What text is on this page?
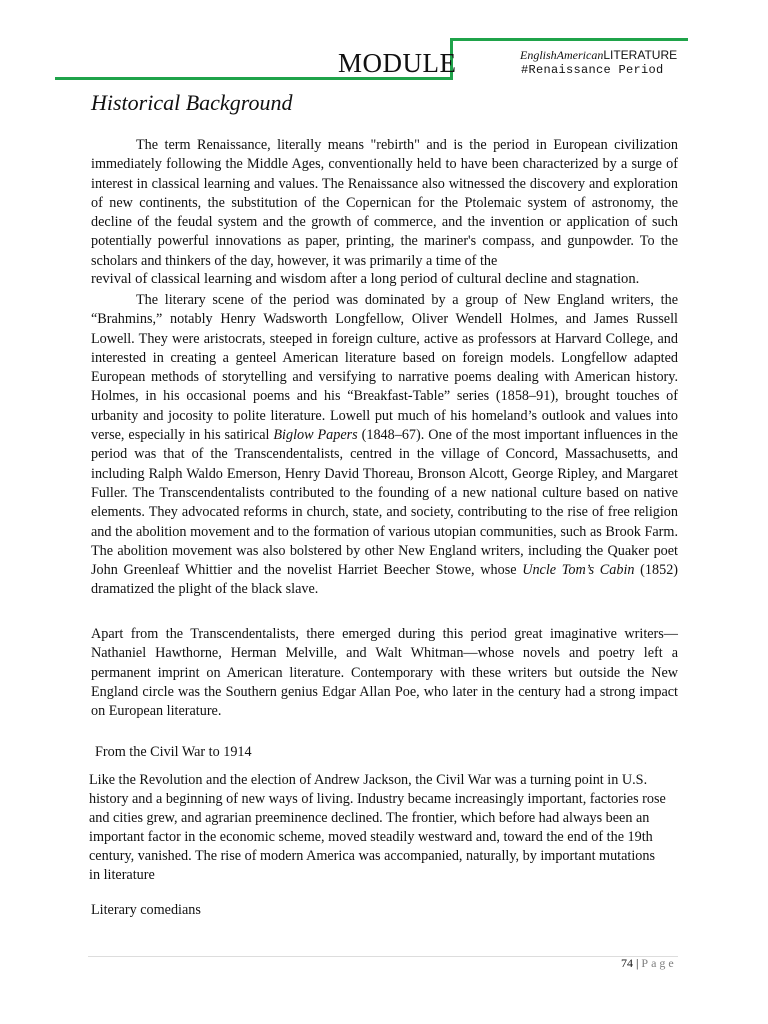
MODULE	EnglishAmericanLITERATURE
#Renaissance Period
Historical Background

The term Renaissance, literally means "rebirth" and is the period in European civilization immediately following the Middle Ages, conventionally held to have been characterized by a surge of interest in classical learning and values. The Renaissance also witnessed the discovery and exploration of new continents, the substitution of the Copernican for the Ptolemaic system of astronomy, the decline of the feudal system and the growth of commerce, and the invention or application of such potentially powerful innovations as paper, printing, the mariner's compass, and gunpowder. To the scholars and thinkers of the day, however, it was primarily a time of the

revival of classical learning and wisdom after a long period of cultural decline and stagnation.

The literary scene of the period was dominated by a group of New England writers, the “Brahmins,” notably Henry Wadsworth Longfellow, Oliver Wendell Holmes, and James Russell Lowell. They were aristocrats, steeped in foreign culture, active as professors at Harvard College, and interested in creating a genteel American literature based on foreign models. Longfellow adapted European methods of storytelling and versifying to narrative poems dealing with American history. Holmes, in his occasional poems and his “Breakfast-Table” series (1858–91), brought touches of urbanity and jocosity to polite literature. Lowell put much of his homeland’s outlook and values into verse, especially in his satirical Biglow Papers (1848–67). One of the most important influences in the period was that of the Transcendentalists, centred in the village of Concord, Massachusetts, and including Ralph Waldo Emerson, Henry David Thoreau, Bronson Alcott, George Ripley, and Margaret Fuller. The Transcendentalists contributed to the founding of a new national culture based on native elements. They advocated reforms in church, state, and society, contributing to the rise of free religion and the abolition movement and to the formation of various utopian communities, such as Brook Farm. The abolition movement was also bolstered by other New England writers, including the Quaker poet John Greenleaf Whittier and the novelist Harriet Beecher Stowe, whose Uncle Tom’s Cabin (1852) dramatized the plight of the black slave.

Apart from the Transcendentalists, there emerged during this period great imaginative writers—Nathaniel Hawthorne, Herman Melville, and Walt Whitman—whose novels and poetry left a permanent imprint on American literature. Contemporary with these writers but outside the New England circle was the Southern genius Edgar Allan Poe, who later in the century had a strong impact on European literature.

From the Civil War to 1914

Like the Revolution and the election of Andrew Jackson, the Civil War was a turning point in U.S. history and a beginning of new ways of living. Industry became increasingly important, factories rose and cities grew, and agrarian preeminence declined. The frontier, which before had always been an important factor in the economic scheme, moved steadily westward and, toward the end of the 19th century, vanished. The rise of modern America was accompanied, naturally, by important mutations in literature

Literary comedians
74 | Page
